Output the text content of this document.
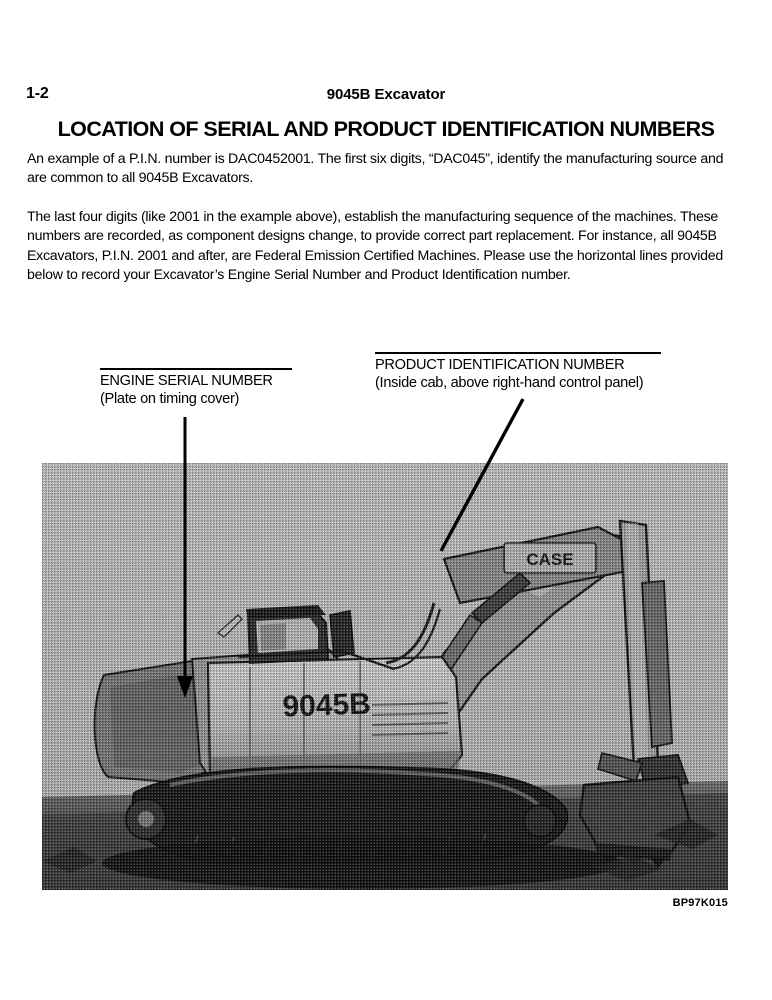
1-2	9045B Excavator
LOCATION OF SERIAL AND PRODUCT IDENTIFICATION NUMBERS
An example of a P.I.N. number is DAC0452001. The first six digits, “DAC045”, identify the manufacturing source and are common to all 9045B Excavators.
The last four digits (like 2001 in the example above), establish the manufacturing sequence of the machines. These numbers are recorded, as component designs change, to provide correct part replacement. For instance, all 9045B Excavators, P.I.N. 2001 and after, are Federal Emission Certified Machines. Please use the horizontal lines provided below to record your Excavator’s Engine Serial Number and Product Identification number.
ENGINE SERIAL NUMBER
(Plate on timing cover)
PRODUCT IDENTIFICATION NUMBER
(Inside cab, above right-hand control panel)
BP97K015
